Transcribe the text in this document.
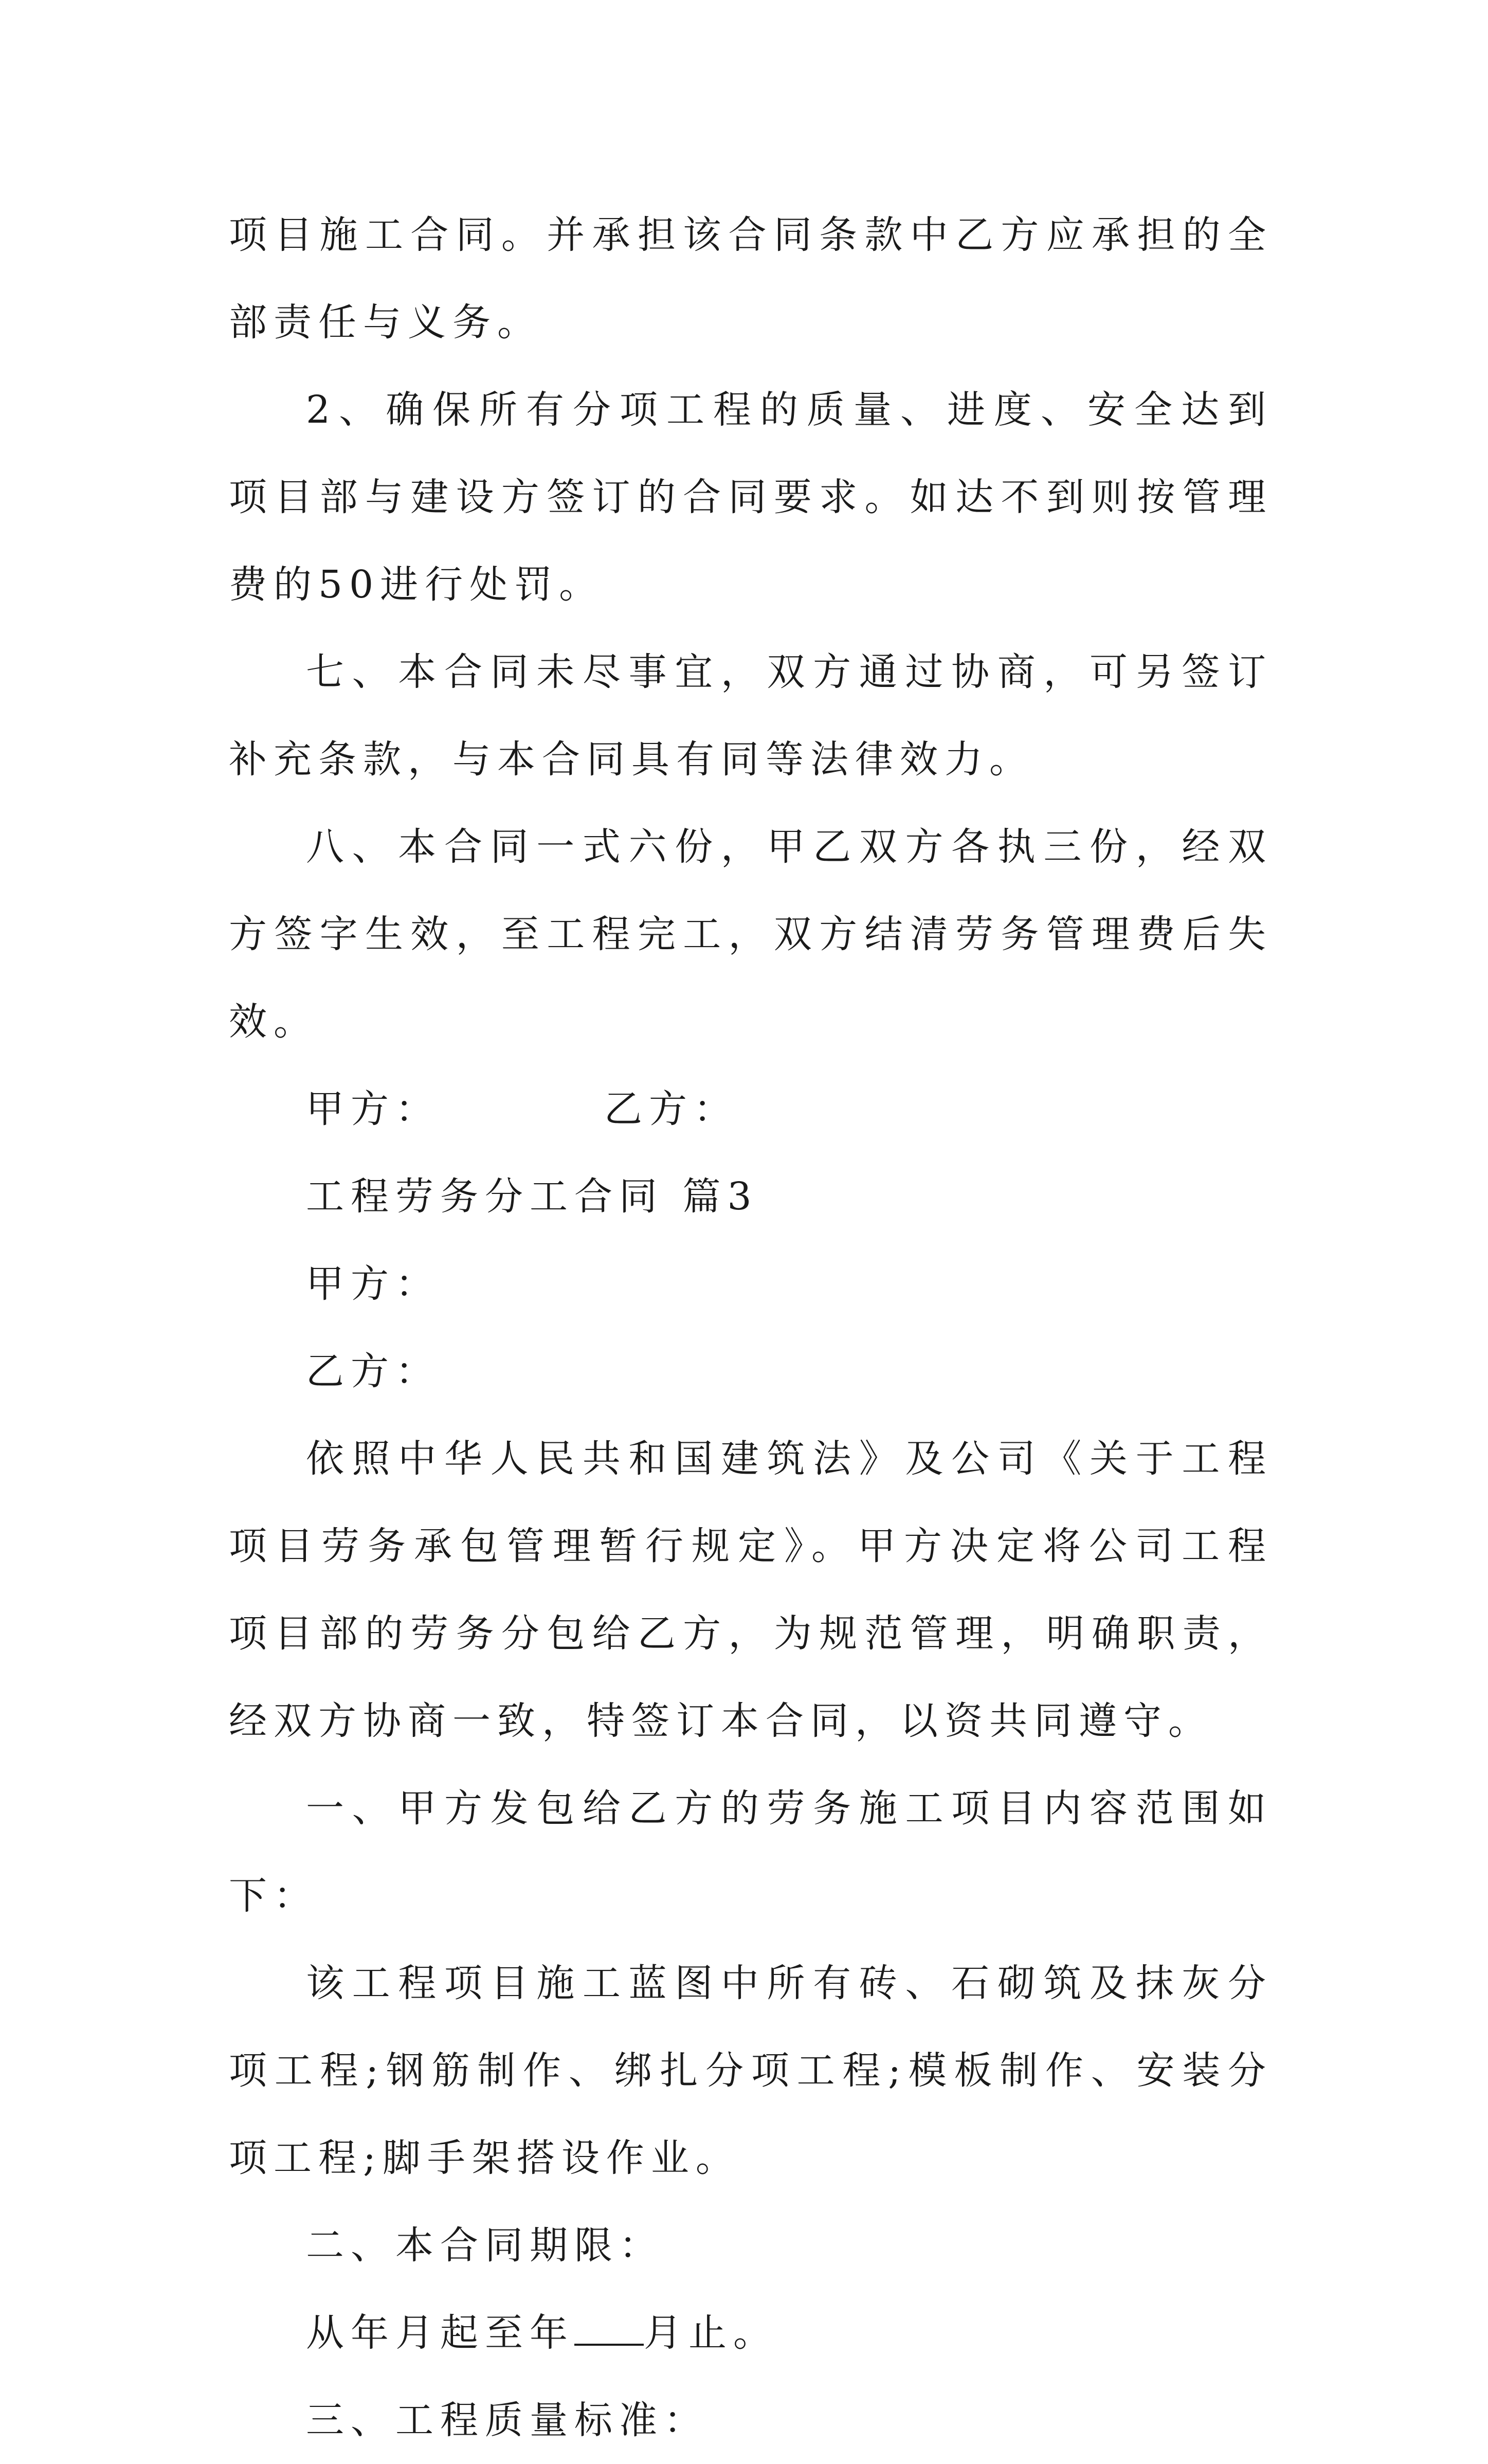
项目施工合同。并承担该合同条款中乙方应承担的全部责任与义务。

2、确保所有分项工程的质量、进度、安全达到项目部与建设方签订的合同要求。如达不到则按管理费的50进行处罚。

七、本合同未尽事宜，双方通过协商，可另签订补充条款，与本合同具有同等法律效力。

八、本合同一式六份，甲乙双方各执三份，经双方签字生效，至工程完工，双方结清劳务管理费后失效。

甲方：	乙方：

工程劳务分工合同 篇3

甲方：

乙方：

依照中华人民共和国建筑法》及公司《关于工程项目劳务承包管理暂行规定》。甲方决定将公司工程项目部的劳务分包给乙方，为规范管理，明确职责，经双方协商一致，特签订本合同，以资共同遵守。

一、甲方发包给乙方的劳务施工项目内容范围如下：

该工程项目施工蓝图中所有砖、石砌筑及抹灰分项工程;钢筋制作、绑扎分项工程;模板制作、安装分项工程;脚手架搭设作业。

二、本合同期限：

从年月起至年 月止。

三、工程质量标准：
